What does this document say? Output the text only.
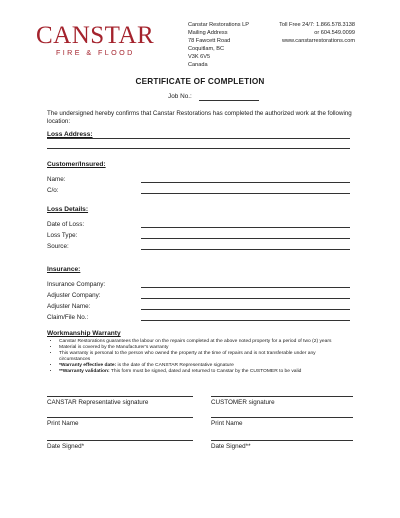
CANSTAR
FIRE & FLOOD
Canstar Restorations LP
Mailing Address
78 Fawcett Road
Coquitlam, BC
V3K 6V5
Canada
Toll Free 24/7: 1.866.578.3138
or 604.549.0099
www.canstarrestorations.com
CERTIFICATE OF COMPLETION
Job No.:
The undersigned hereby confirms that Canstar Restorations has completed the authorized work at the following location:
Loss Address:
Customer/Insured:
Name:
C/o:
Loss Details:
Date of Loss:
Loss Type:
Source:
Insurance:
Insurance Company:
Adjuster Company:
Adjuster Name:
Claim/File No.:
Workmanship Warranty
• Canstar Restorations guarantees the labour on the repairs completed at the above noted property for a period of two (2) years
• Material is covered by the Manufacturer's warranty
• This warranty is personal to the person who owned the property at the time of repairs and is not transferable under any circumstances
• *Warranty effective date: is the date of the CANSTAR Representative signature
• **Warranty validation: This form must be signed, dated and returned to Canstar by the CUSTOMER to be valid
CANSTAR Representative signature	CUSTOMER signature
Print Name	Print Name
Date Signed*	Date Signed**
